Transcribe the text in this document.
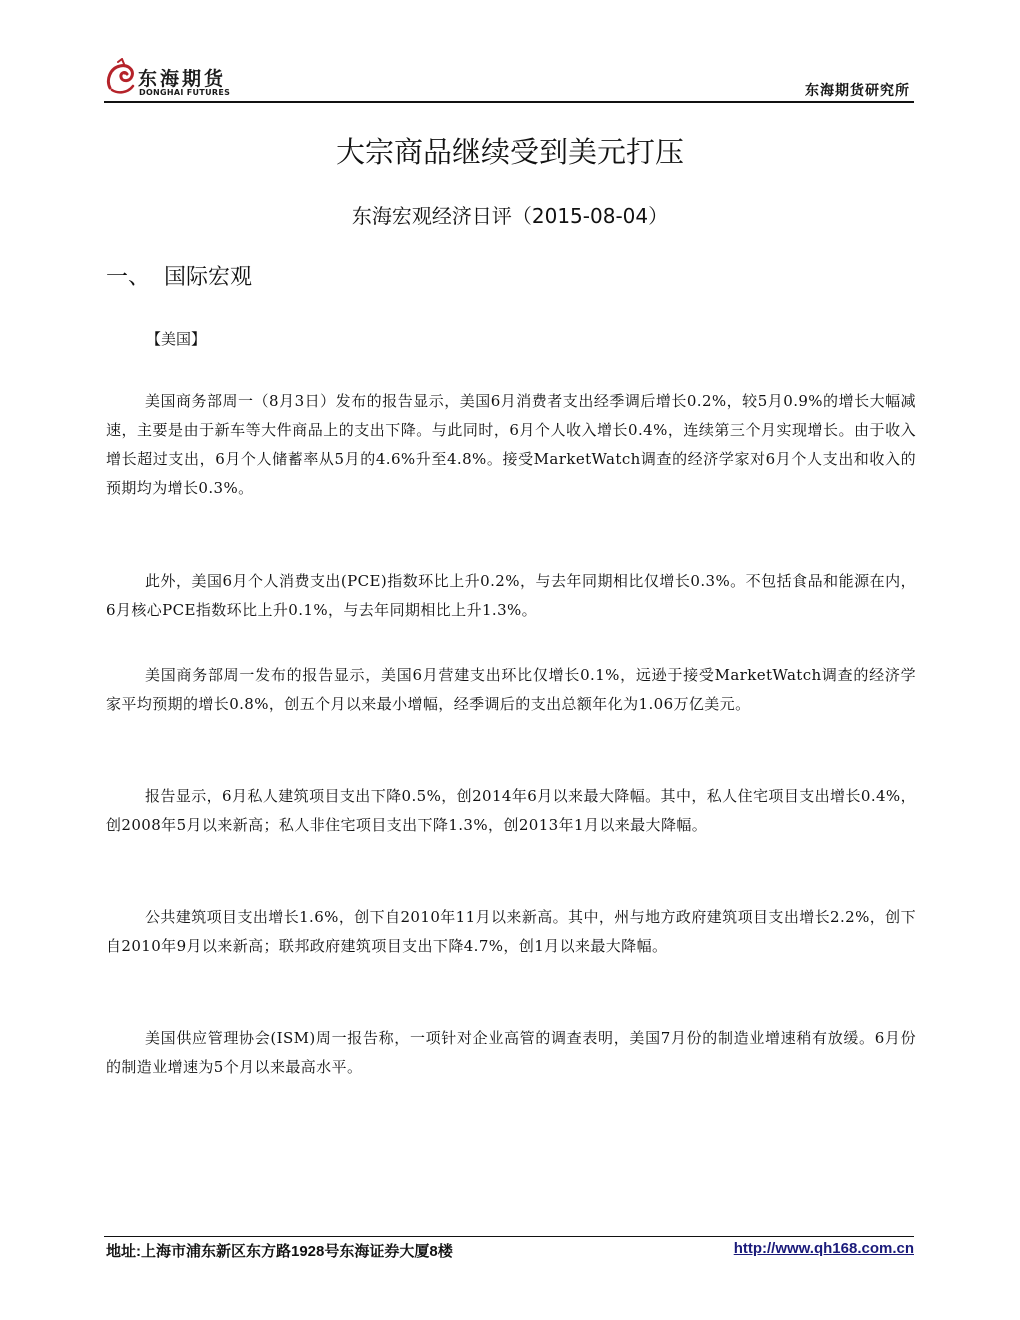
东海期货
DONGHAI FUTURES	东海期货研究所
大宗商品继续受到美元打压
东海宏观经济日评（2015-08-04）
一、 国际宏观
【美国】

美国商务部周一（8月3日）发布的报告显示，美国6月消费者支出经季调后增长0.2%，较5月0.9%的增长大幅减速，主要是由于新车等大件商品上的支出下降。与此同时，6月个人收入增长0.4%，连续第三个月实现增长。由于收入增长超过支出，6月个人储蓄率从5月的4.6%升至4.8%。接受MarketWatch调查的经济学家对6月个人支出和收入的预期均为增长0.3%。

此外，美国6月个人消费支出(PCE)指数环比上升0.2%，与去年同期相比仅增长0.3%。不包括食品和能源在内，6月核心PCE指数环比上升0.1%，与去年同期相比上升1.3%。

美国商务部周一发布的报告显示，美国6月营建支出环比仅增长0.1%，远逊于接受MarketWatch调查的经济学家平均预期的增长0.8%，创五个月以来最小增幅，经季调后的支出总额年化为1.06万亿美元。

报告显示，6月私人建筑项目支出下降0.5%，创2014年6月以来最大降幅。其中，私人住宅项目支出增长0.4%，创2008年5月以来新高；私人非住宅项目支出下降1.3%，创2013年1月以来最大降幅。

公共建筑项目支出增长1.6%，创下自2010年11月以来新高。其中，州与地方政府建筑项目支出增长2.2%，创下自2010年9月以来新高；联邦政府建筑项目支出下降4.7%，创1月以来最大降幅。

美国供应管理协会(ISM)周一报告称，一项针对企业高管的调查表明，美国7月份的制造业增速稍有放缓。6月份的制造业增速为5个月以来最高水平。

地址:上海市浦东新区东方路1928号东海证券大厦8楼	http://www.qh168.com.cn
